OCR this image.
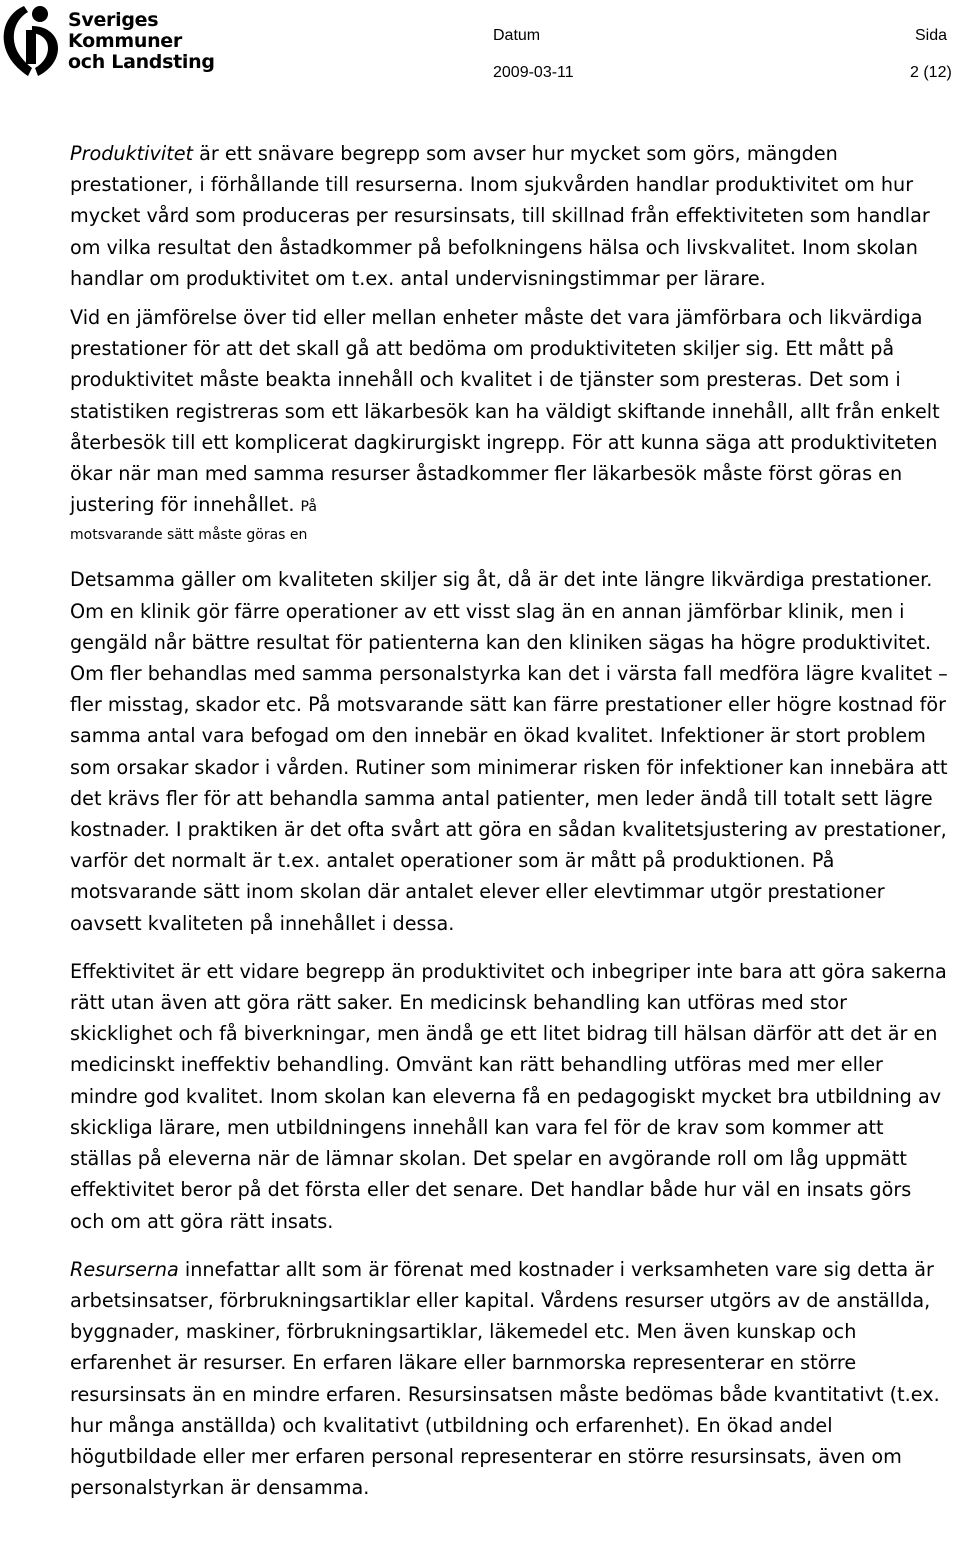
Sveriges
Kommuner
och Landsting
Datum
2009-03-11
Sida
2 (12)

Produktivitet är ett snävare begrepp som avser hur mycket som görs, mängden prestationer, i förhållande till resurserna. Inom sjukvården handlar produktivitet om hur mycket vård som produceras per resursinsats, till skillnad från effektiviteten som handlar om vilka resultat den åstadkommer på befolkningens hälsa och livskvalitet. Inom skolan handlar om produktivitet om t.ex. antal undervisningstimmar per lärare.

Vid en jämförelse över tid eller mellan enheter måste det vara jämförbara och likvärdiga prestationer för att det skall gå att bedöma om produktiviteten skiljer sig. Ett mått på produktivitet måste beakta innehåll och kvalitet i de tjänster som presteras. Det som i statistiken registreras som ett läkarbesök kan ha väldigt skiftande innehåll, allt från enkelt återbesök till ett komplicerat dagkirurgiskt ingrepp. För att kunna säga att produktiviteten ökar när man med samma resurser åstadkommer fler läkarbesök måste först göras en justering för innehållet. På

motsvarande sätt måste göras en

Detsamma gäller om kvaliteten skiljer sig åt, då är det inte längre likvärdiga prestationer. Om en klinik gör färre operationer av ett visst slag än en annan jämförbar klinik, men i gengäld når bättre resultat för patienterna kan den kliniken sägas ha högre produktivitet. Om fler behandlas med samma personalstyrka kan det i värsta fall medföra lägre kvalitet – fler misstag, skador etc. På motsvarande sätt kan färre prestationer eller högre kostnad för samma antal vara befogad om den innebär en ökad kvalitet. Infektioner är stort problem som orsakar skador i vården. Rutiner som minimerar risken för infektioner kan innebära att det krävs fler för att behandla samma antal patienter, men leder ändå till totalt sett lägre kostnader. I praktiken är det ofta svårt att göra en sådan kvalitetsjustering av prestationer, varför det normalt är t.ex. antalet operationer som är mått på produktionen. På motsvarande sätt inom skolan där antalet elever eller elevtimmar utgör prestationer oavsett kvaliteten på innehållet i dessa.

Effektivitet är ett vidare begrepp än produktivitet och inbegriper inte bara att göra sakerna rätt utan även att göra rätt saker. En medicinsk behandling kan utföras med stor skicklighet och få biverkningar, men ändå ge ett litet bidrag till hälsan därför att det är en medicinskt ineffektiv behandling. Omvänt kan rätt behandling utföras med mer eller mindre god kvalitet. Inom skolan kan eleverna få en pedagogiskt mycket bra utbildning av skickliga lärare, men utbildningens innehåll kan vara fel för de krav som kommer att ställas på eleverna när de lämnar skolan. Det spelar en avgörande roll om låg uppmätt effektivitet beror på det första eller det senare. Det handlar både hur väl en insats görs och om att göra rätt insats.

Resurserna innefattar allt som är förenat med kostnader i verksamheten vare sig detta är arbetsinsatser, förbrukningsartiklar eller kapital. Vårdens resurser utgörs av de anställda, byggnader, maskiner, förbrukningsartiklar, läkemedel etc. Men även kunskap och erfarenhet är resurser. En erfaren läkare eller barnmorska representerar en större resursinsats än en mindre erfaren. Resursinsatsen måste bedömas både kvantitativt (t.ex. hur många anställda) och kvalitativt (utbildning och erfarenhet). En ökad andel högutbildade eller mer erfaren personal representerar en större resursinsats, även om personalstyrkan är densamma.
